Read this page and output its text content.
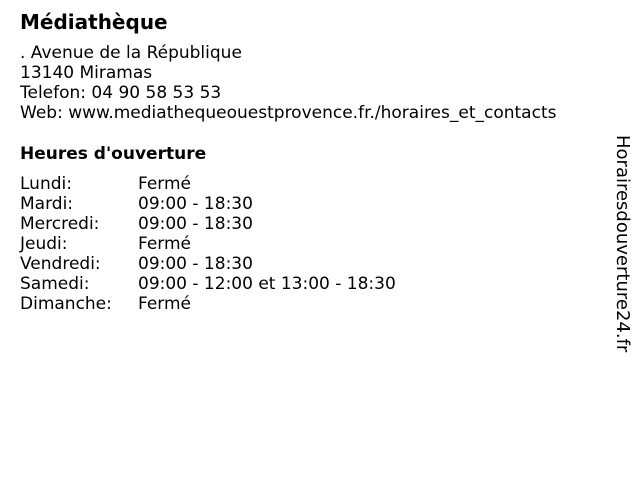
Médiathèque
. Avenue de la République
13140 Miramas
Telefon: 04 90 58 53 53
Web: www.mediathequeouestprovence.fr./horaires_et_contacts
Heures d'ouverture
Lundi:	Fermé
Mardi:	09:00 - 18:30
Mercredi:	09:00 - 18:30
Jeudi:	Fermé
Vendredi:	09:00 - 18:30
Samedi:	09:00 - 12:00 et 13:00 - 18:30
Dimanche:	Fermé	Horairesdouverture24.fr
